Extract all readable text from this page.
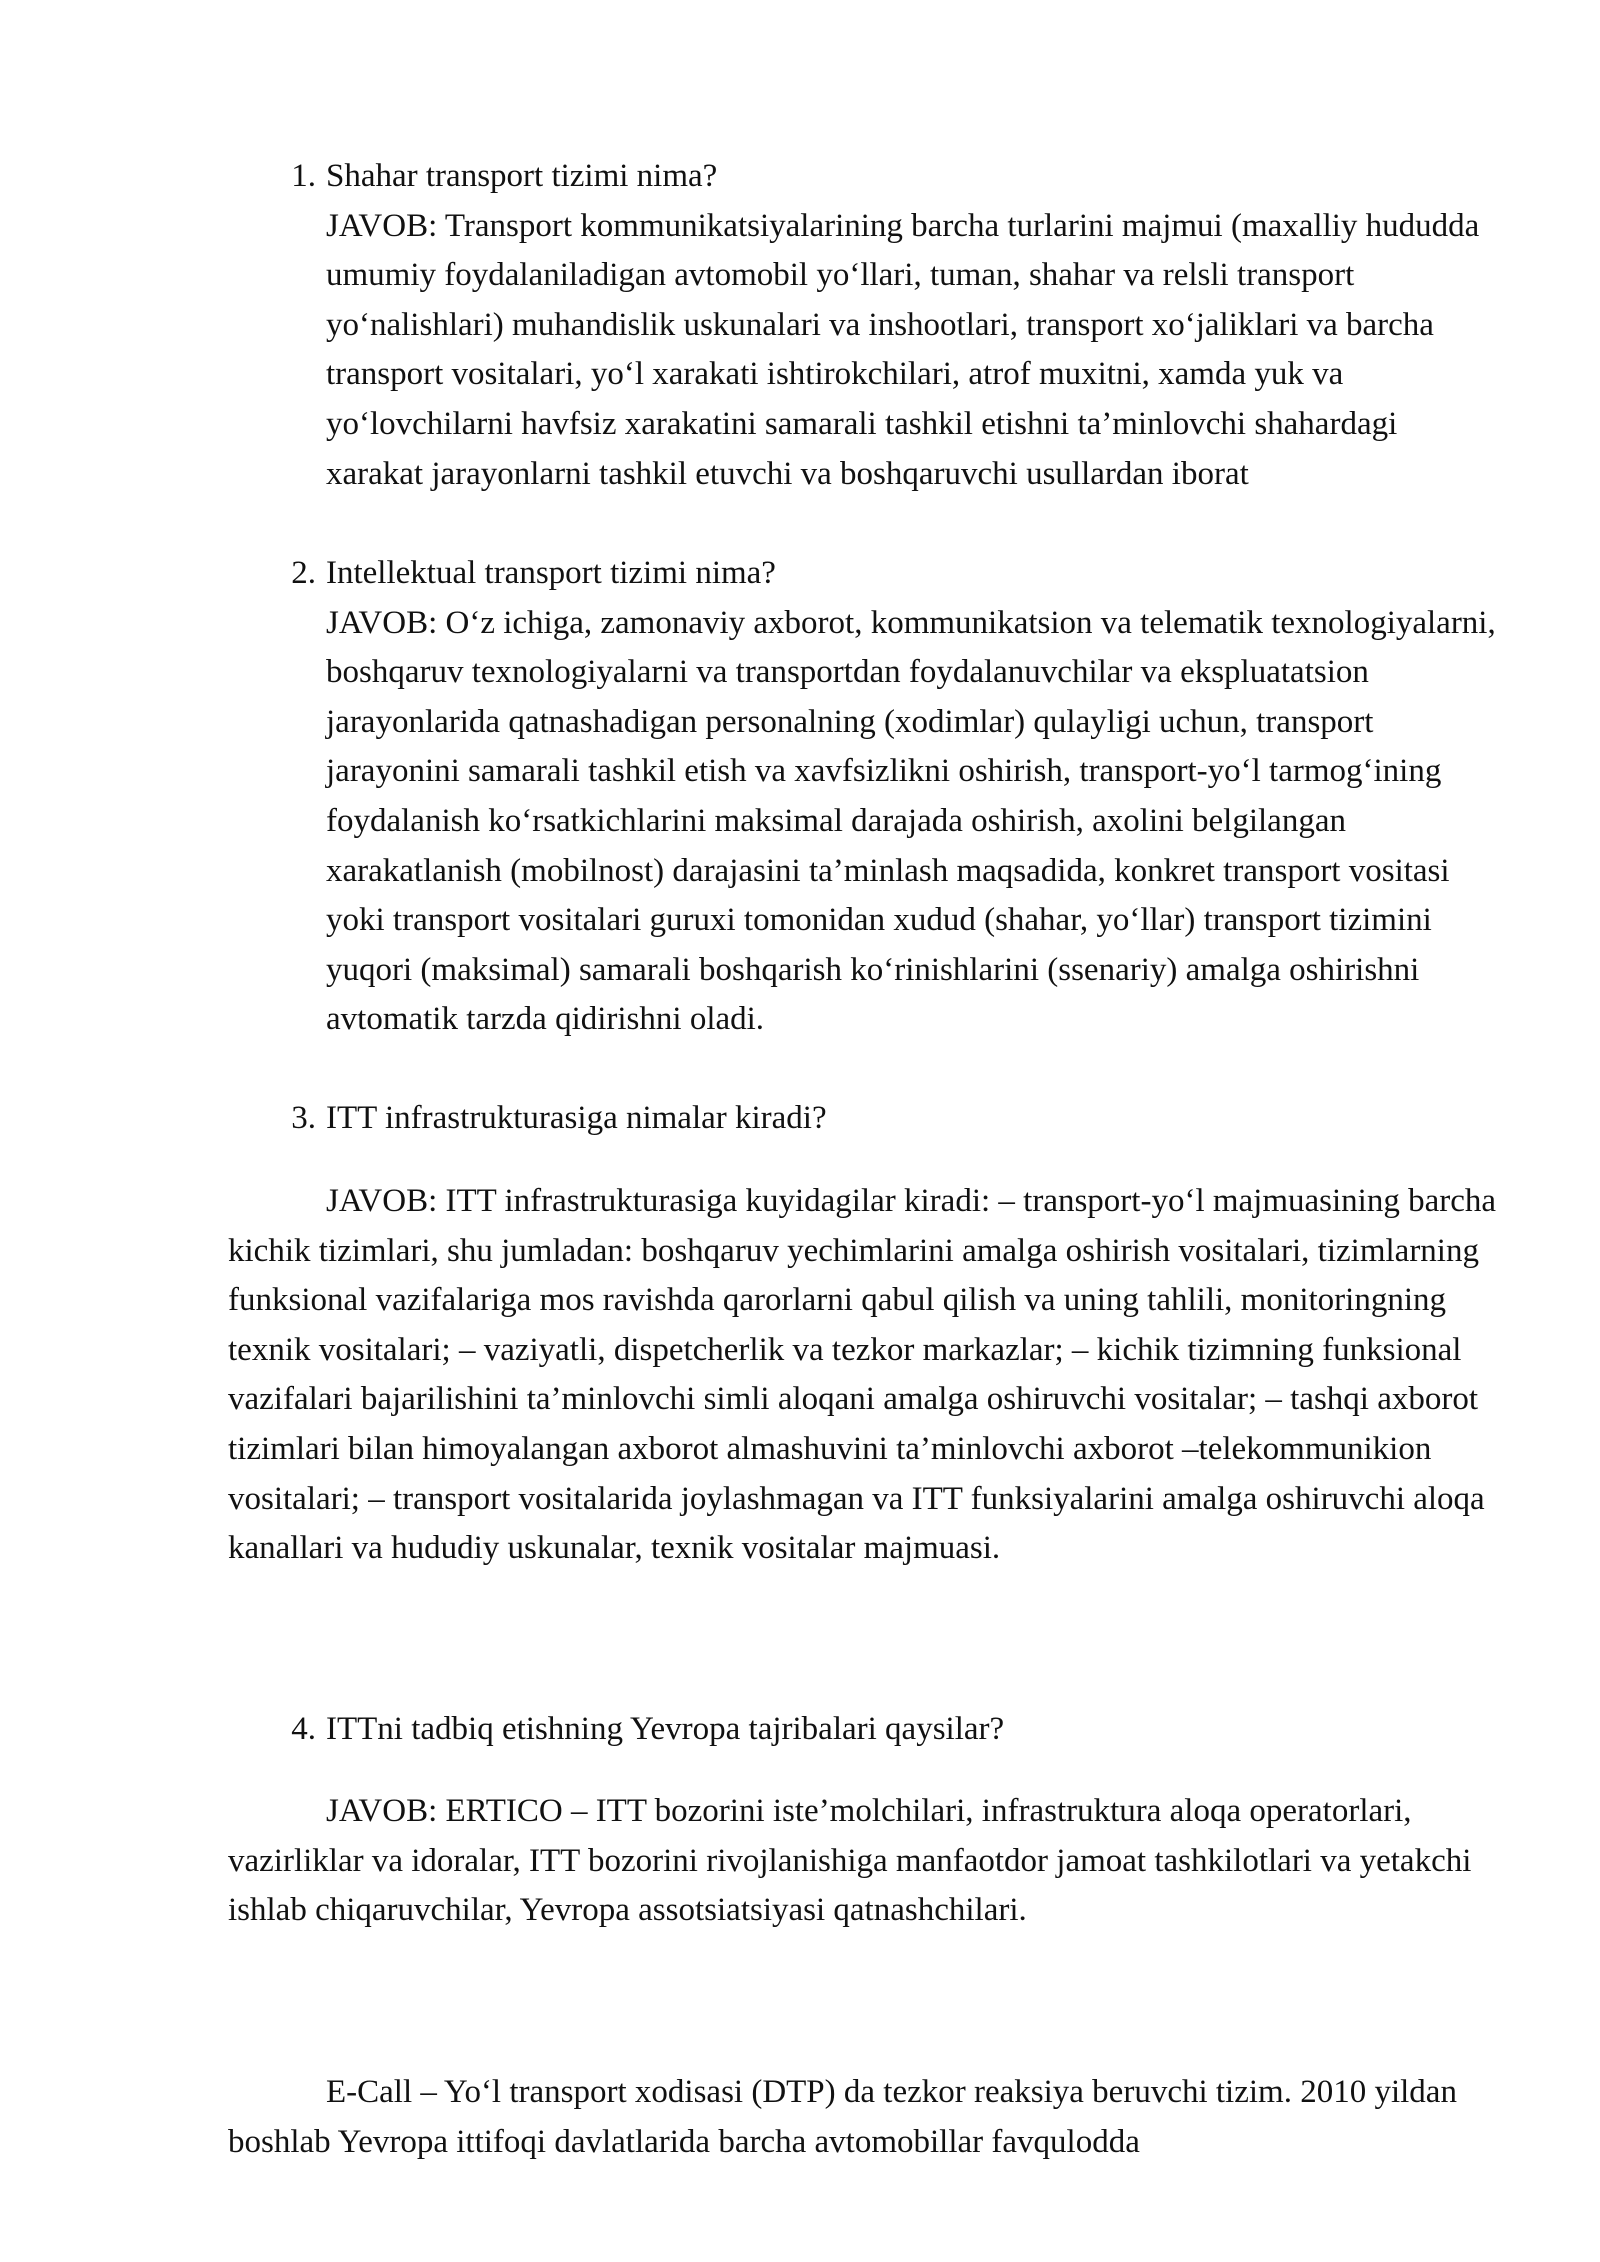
1. Shahar transport tizimi nima?

JAVOB: Transport kommunikatsiyalarining barcha turlarini majmui (maxalliy hududda umumiy foydalaniladigan avtomobil yo‘llari, tuman, shahar va relsli transport yo‘nalishlari) muhandislik uskunalari va inshootlari, transport xo‘jaliklari va barcha transport vositalari, yo‘l xarakati ishtirokchilari, atrof muxitni, xamda yuk va yo‘lovchilarni havfsiz xarakatini samarali tashkil etishni ta’minlovchi shahardagi xarakat jarayonlarni tashkil etuvchi va boshqaruvchi usullardan iborat

2. Intellektual transport tizimi nima?

JAVOB: O‘z ichiga, zamonaviy axborot, kommunikatsion va telematik texnologiyalarni, boshqaruv texnologiyalarni va transportdan foydalanuvchilar va ekspluatatsion jarayonlarida qatnashadigan personalning (xodimlar) qulayligi uchun, transport jarayonini samarali tashkil etish va xavfsizlikni oshirish, transport-yo‘l tarmog‘ining foydalanish ko‘rsatkichlarini maksimal darajada oshirish, axolini belgilangan xarakatlanish (mobilnost) darajasini ta’minlash maqsadida, konkret transport vositasi yoki transport vositalari guruxi tomonidan xudud (shahar, yo‘llar) transport tizimini yuqori (maksimal) samarali boshqarish ko‘rinishlarini (ssenariy) amalga oshirishni avtomatik tarzda qidirishni oladi.

3. ITT infrastrukturasiga nimalar kiradi?

JAVOB: ITT infrastrukturasiga kuyidagilar kiradi: – transport-yo‘l majmuasining barcha kichik tizimlari, shu jumladan: boshqaruv yechimlarini amalga oshirish vositalari, tizimlarning funksional vazifalariga mos ravishda qarorlarni qabul qilish va uning tahlili, monitoringning texnik vositalari; – vaziyatli, dispetcherlik va tezkor markazlar; – kichik tizimning funksional vazifalari bajarilishini ta’minlovchi simli aloqani amalga oshiruvchi vositalar; – tashqi axborot tizimlari bilan himoyalangan axborot almashuvini ta’minlovchi axborot –telekommunikion vositalari; – transport vositalarida joylashmagan va ITT funksiyalarini amalga oshiruvchi aloqa kanallari va hududiy uskunalar, texnik vositalar majmuasi.

4. ITTni tadbiq etishning Yevropa tajribalari qaysilar?

JAVOB: ERTICO – ITT bozorini iste’molchilari, infrastruktura aloqa operatorlari, vazirliklar va idoralar, ITT bozorini rivojlanishiga manfaotdor jamoat tashkilotlari va yetakchi ishlab chiqaruvchilar, Yevropa assotsiatsiyasi qatnashchilari.

E-Call – Yo‘l transport xodisasi (DTP) da tezkor reaksiya beruvchi tizim. 2010 yildan boshlab Yevropa ittifoqi davlatlarida barcha avtomobillar favqulodda
